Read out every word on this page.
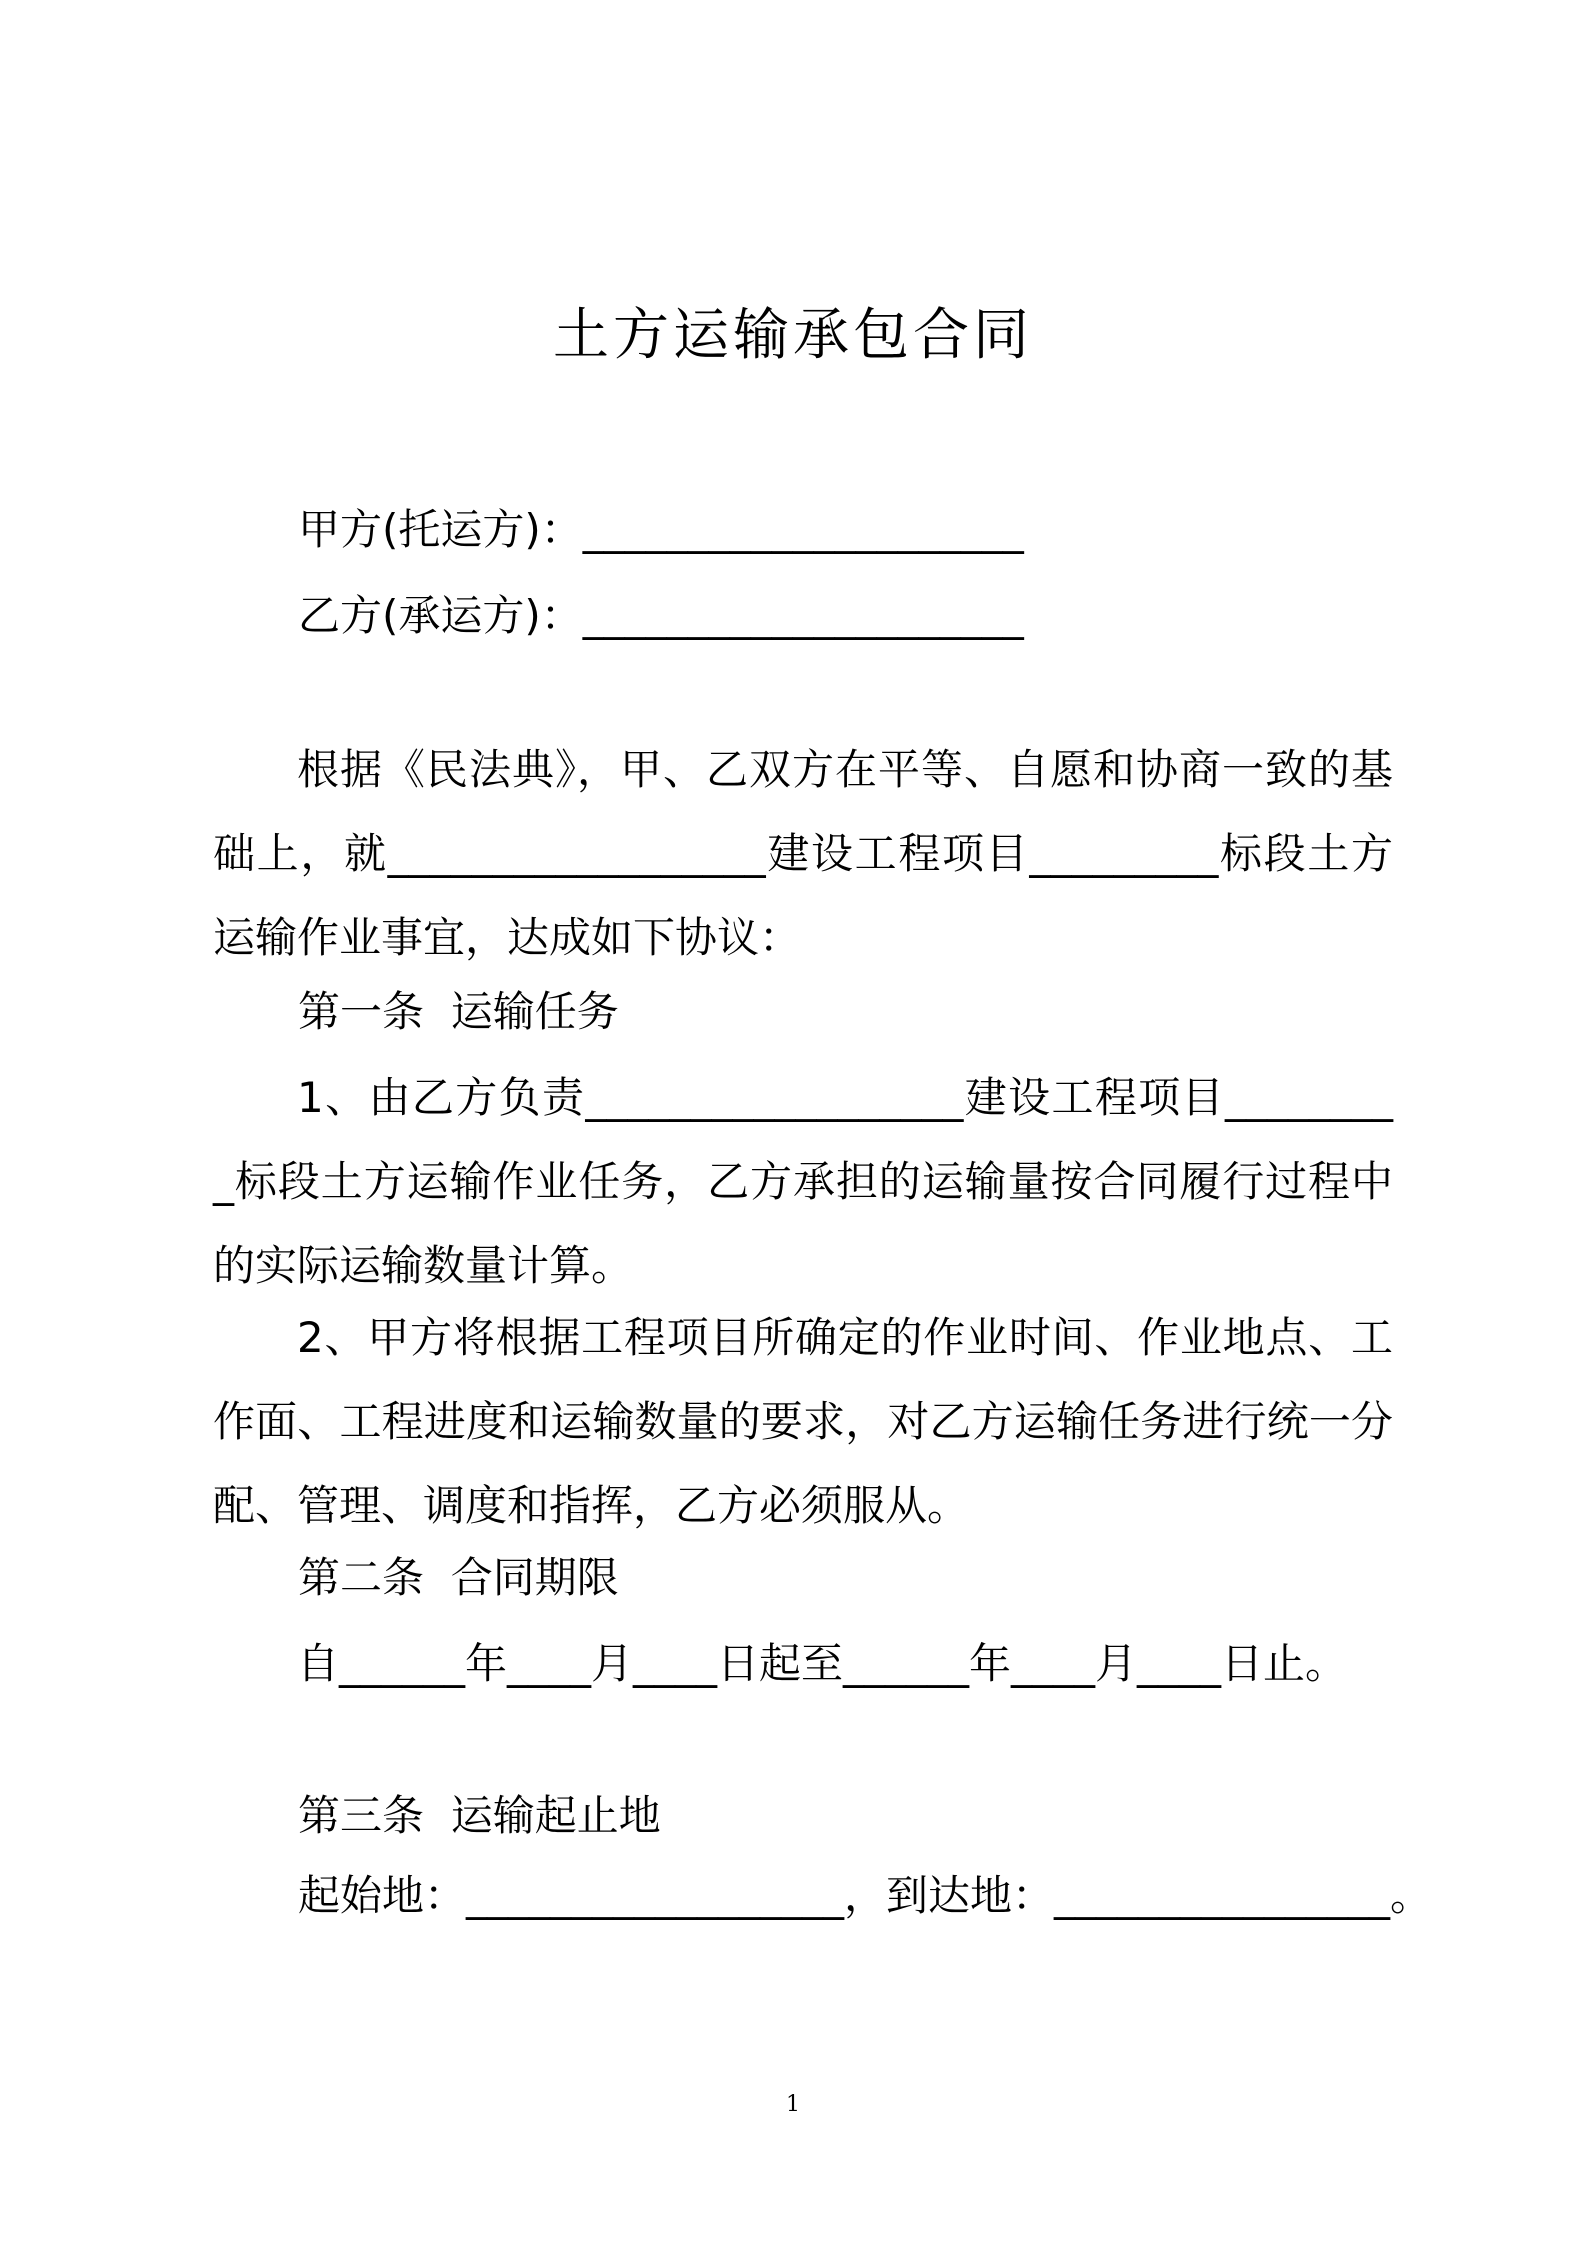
土方运输承包合同
甲方(托运方)：_____________________
乙方(承运方)：_____________________
根据《民法典》，甲、乙双方在平等、自愿和协商一致的基础上，就__________________建设工程项目_________标段土方运输作业事宜，达成如下协议：
第一条  运输任务
1、由乙方负责__________________建设工程项目_________标段土方运输作业任务，乙方承担的运输量按合同履行过程中的实际运输数量计算。
2、甲方将根据工程项目所确定的作业时间、作业地点、工作面、工程进度和运输数量的要求，对乙方运输任务进行统一分配、管理、调度和指挥，乙方必须服从。
第二条  合同期限
自______年____月____日起至______年____月____日止。
第三条  运输起止地
起始地：__________________，到达地：________________。
1
